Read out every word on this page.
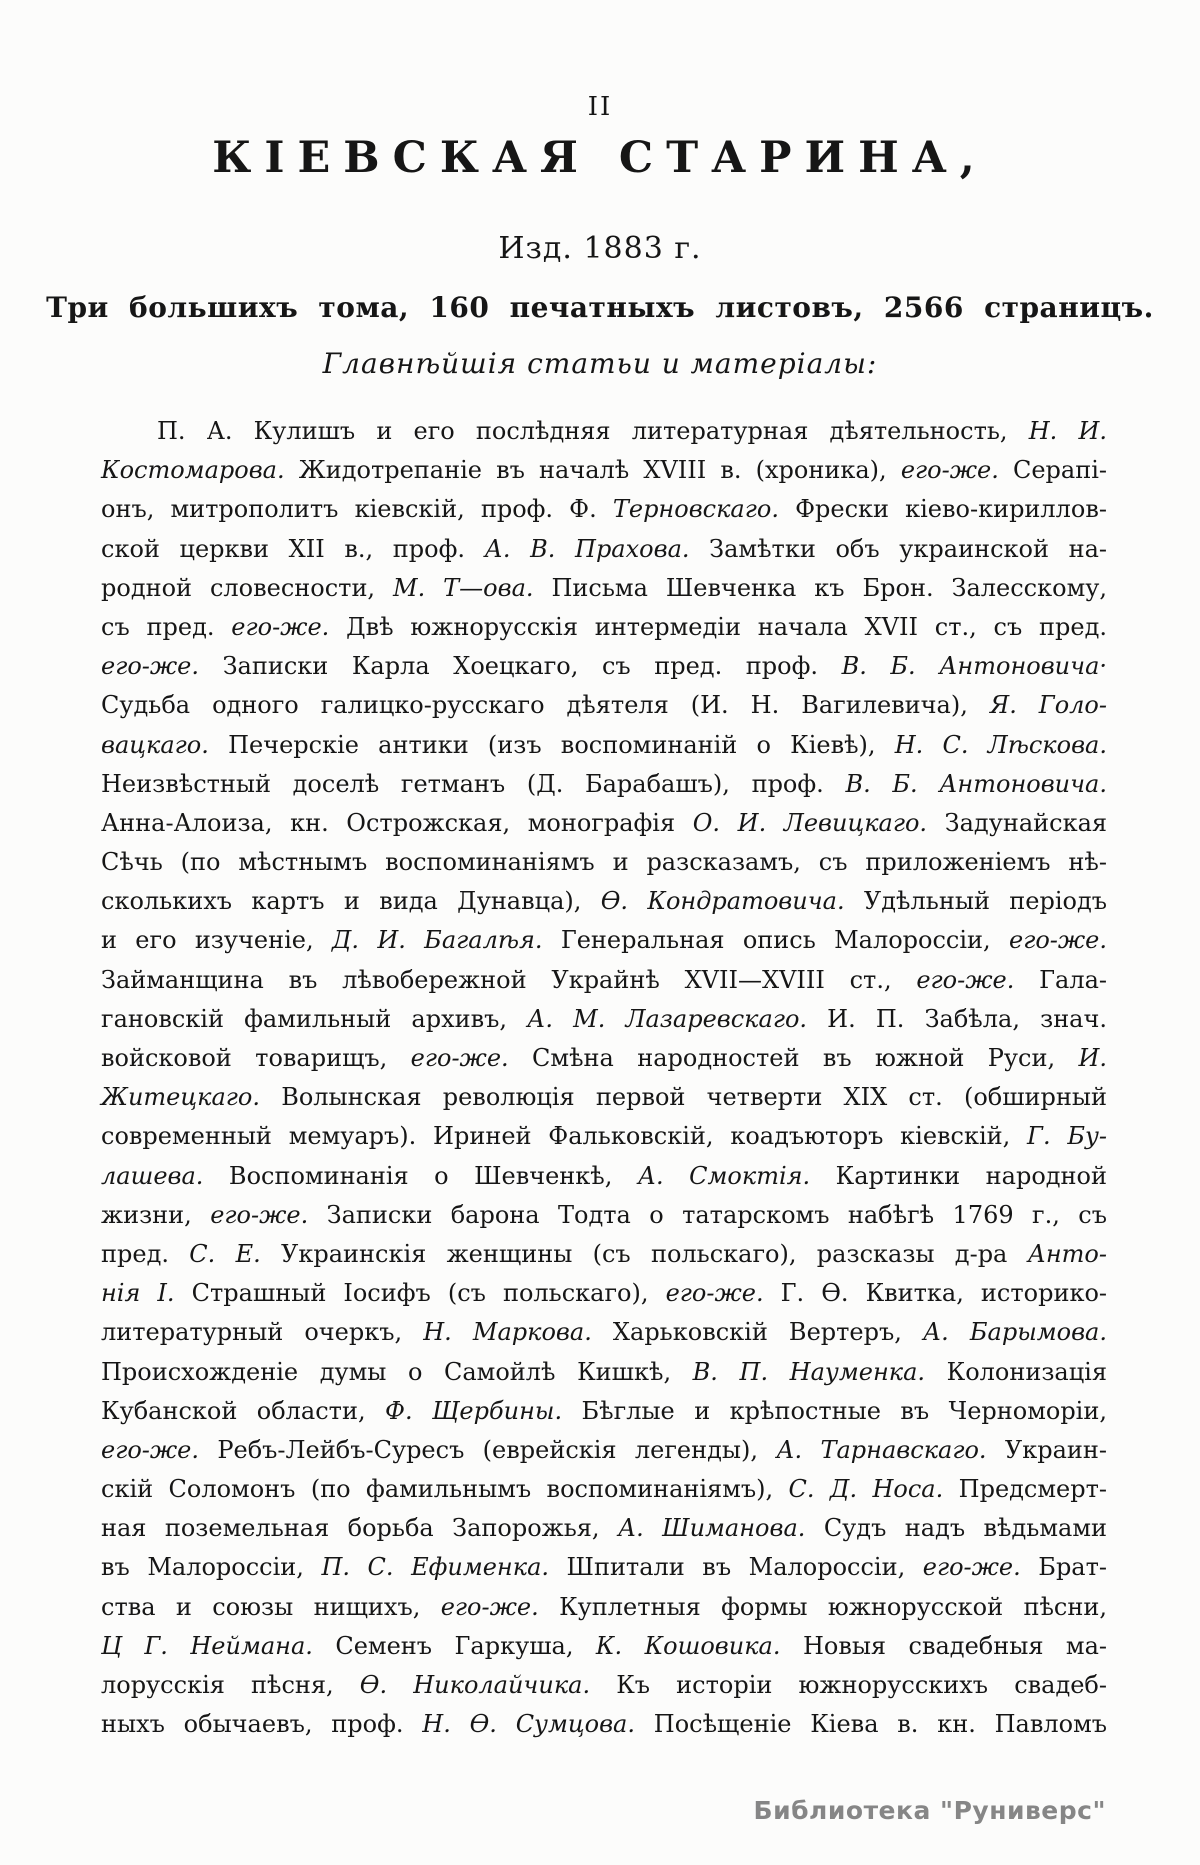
II
КІЕВСКАЯ СТАРИНА,
Изд. 1883 г.
Три большихъ тома, 160 печатныхъ листовъ, 2566 страницъ.
Главнѣйшія статьи и матеріалы:
П. А. Кулишъ и его послѣдняя литературная дѣятельность, Н. И.
Костомарова. Жидотрепаніе въ началѣ XVIII в. (хроника), его-же. Серапі-
онъ, митрополитъ кіевскій, проф. Ф. Терновскаго. Фрески кіево-кириллов-
ской церкви XII в., проф. А. В. Прахова. Замѣтки объ украинской на-
родной словесности, М. Т—ова. Письма Шевченка къ Брон. Залесскому,
съ пред. его-же. Двѣ южнорусскія интермедіи начала XVII ст., съ пред.
его-же. Записки Карла Хоецкаго, съ пред. проф. В. Б. Антоновича·
Судьба одного галицко-русскаго дѣятеля (И. Н. Вагилевича), Я. Голо-
вацкаго. Печерскіе антики (изъ воспоминаній о Кіевѣ), Н. С. Лѣскова.
Неизвѣстный доселѣ гетманъ (Д. Барабашъ), проф. В. Б. Антоновича.
Анна-Алоиза, кн. Острожская, монографія О. И. Левицкаго. Задунайская
Сѣчь (по мѣстнымъ воспоминаніямъ и разсказамъ, съ приложеніемъ нѣ-
сколькихъ картъ и вида Дунавца), Ѳ. Кондратовича. Удѣльный періодъ
и его изученіе, Д. И. Багалѣя. Генеральная опись Малороссіи, его-же.
Займанщина въ лѣвобережной Украйнѣ XVII—XVIII ст., его-же. Гала-
гановскій фамильный архивъ, А. М. Лазаревскаго. И. П. Забѣла, знач.
войсковой товарищъ, его-же. Смѣна народностей въ южной Руси, И.
Житецкаго. Волынская революція первой четверти XIX ст. (обширный
современный мемуаръ). Ириней Фальковскій, коадъюторъ кіевскій, Г. Бу-
лашева. Воспоминанія о Шевченкѣ, А. Смоктія. Картинки народной
жизни, его-же. Записки барона Тодта о татарскомъ набѣгѣ 1769 г., съ
пред. С. Е. Украинскія женщины (съ польскаго), разсказы д-ра Анто-
нія I. Страшный Іосифъ (съ польскаго), его-же. Г. Ѳ. Квитка, историко-
литературный очеркъ, Н. Маркова. Харьковскій Вертеръ, А. Барымова.
Происхожденіе думы о Самойлѣ Кишкѣ, В. П. Науменка. Колонизація
Кубанской области, Ф. Щербины. Бѣглые и крѣпостные въ Черноморіи,
его-же. Ребъ-Лейбъ-Суресъ (еврейскія легенды), А. Тарнавскаго. Украин-
скій Соломонъ (по фамильнымъ воспоминаніямъ), С. Д. Носа. Предсмерт-
ная поземельная борьба Запорожья, А. Шиманова. Судъ надъ вѣдьмами
въ Малороссіи, П. С. Ефименка. Шпитали въ Малороссіи, его-же. Брат-
ства и союзы нищихъ, его-же. Куплетныя формы южнорусской пѣсни,
Ц Г. Неймана. Семенъ Гаркуша, К. Кошовика. Новыя свадебныя ма-
лорусскія пѣсня, Ѳ. Николайчика. Къ исторіи южнорусскихъ свадеб-
ныхъ обычаевъ, проф. Н. Ѳ. Сумцова. Посѣщеніе Кіева в. кн. Павломъ
Библиотека "Руниверс"
